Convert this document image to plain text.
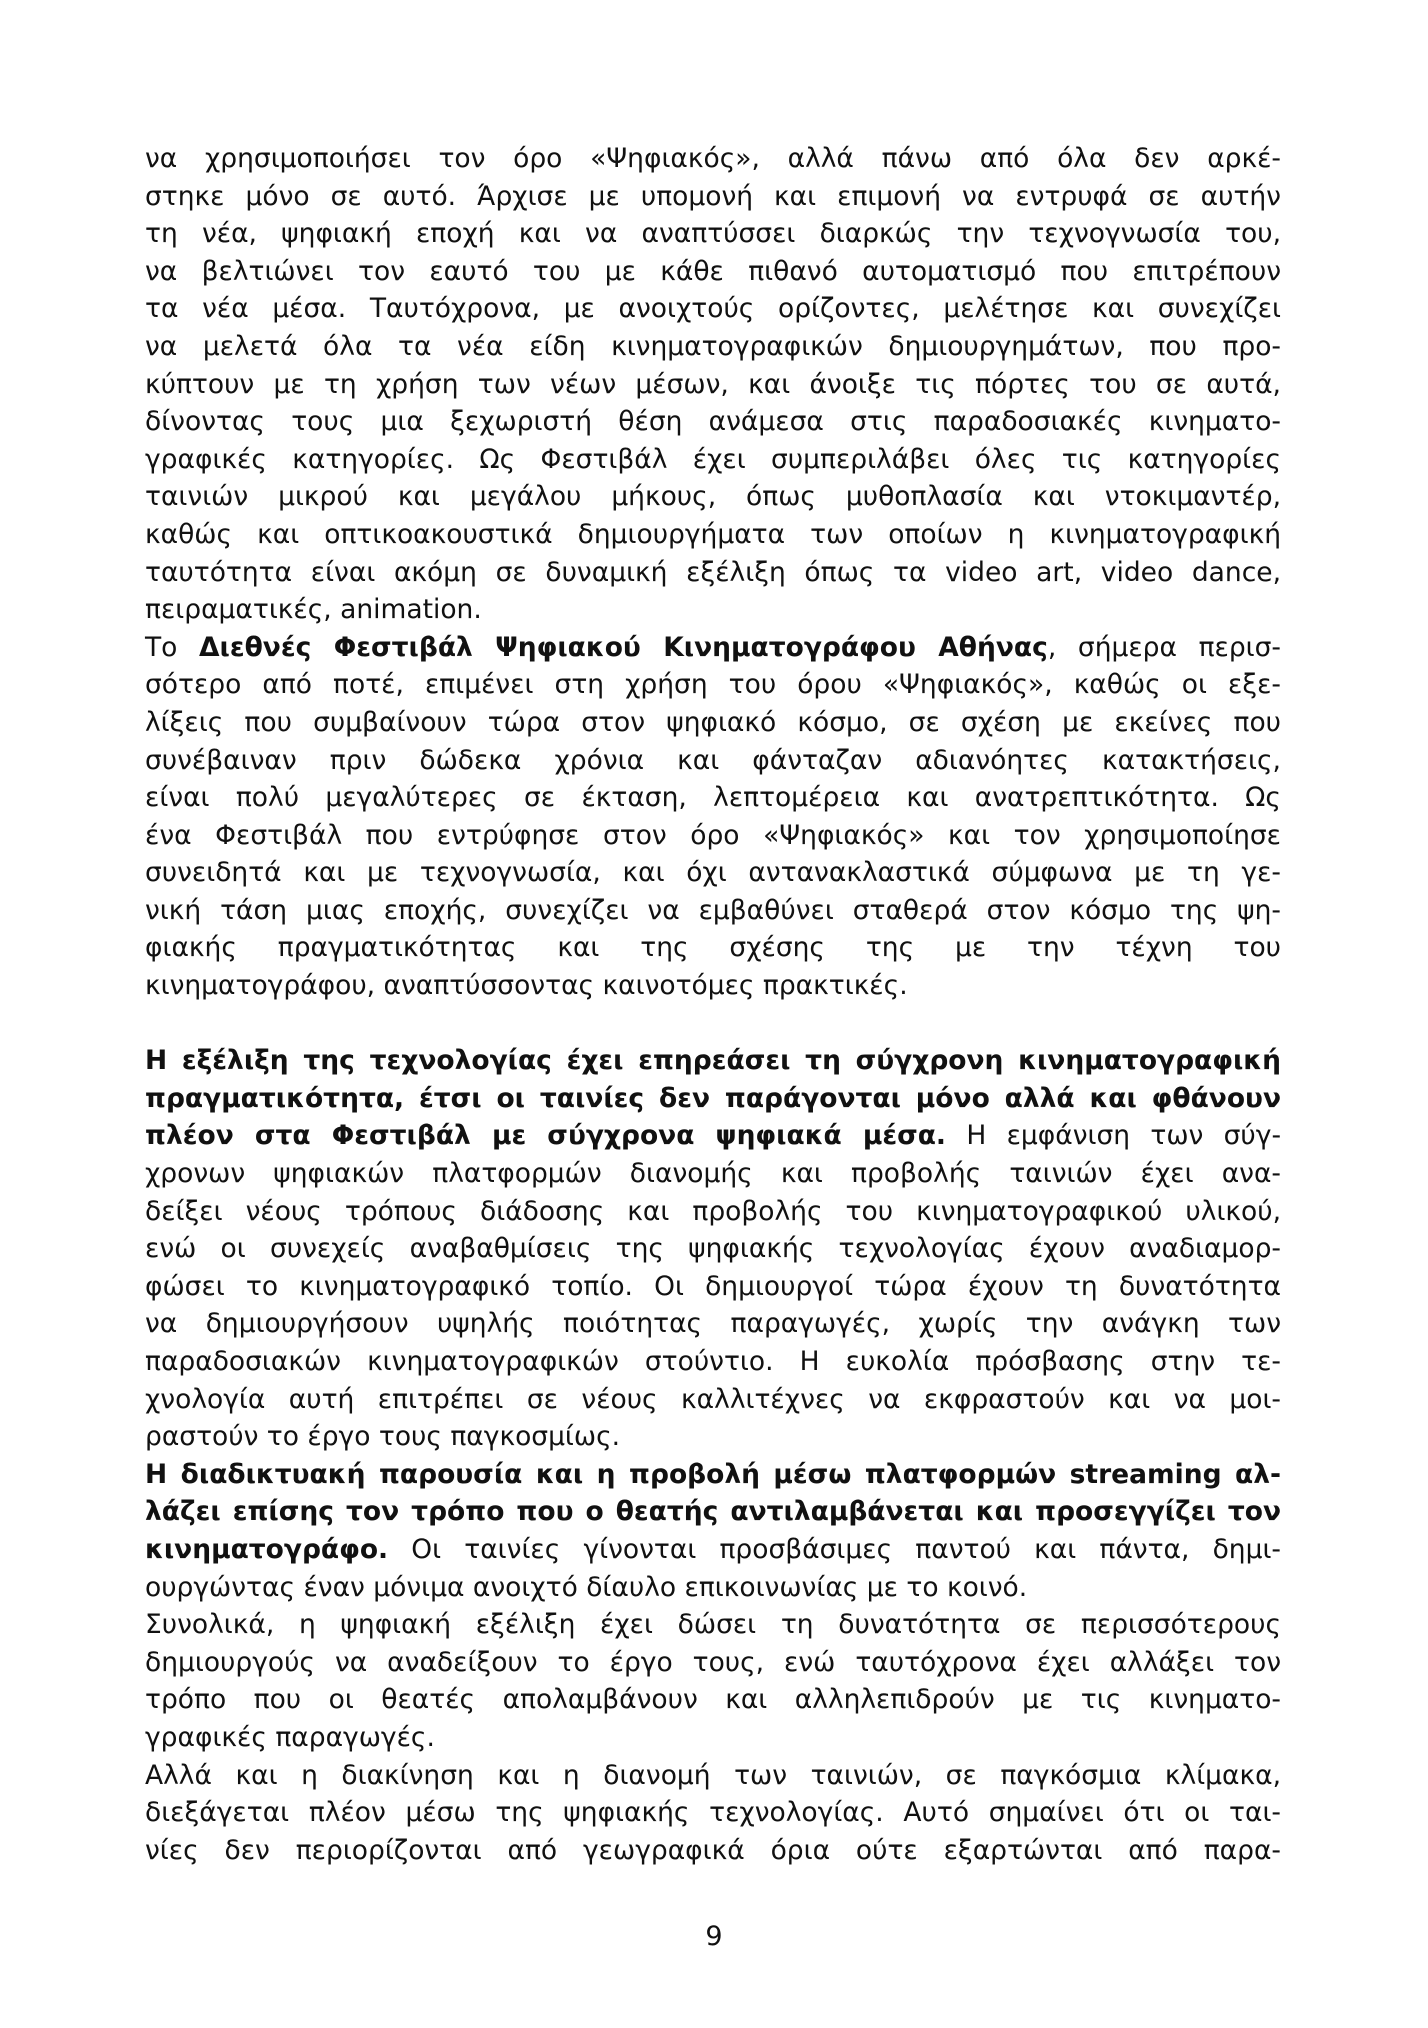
να χρησιμοποιήσει τον όρο «Ψηφιακός», αλλά πάνω από όλα δεν αρκέ-
στηκε μόνο σε αυτό. Άρχισε με υπομονή και επιμονή να εντρυφά σε αυτήν
τη νέα, ψηφιακή εποχή και να αναπτύσσει διαρκώς την τεχνογνωσία του,
να βελτιώνει τον εαυτό του με κάθε πιθανό αυτοματισμό που επιτρέπουν
τα νέα μέσα. Ταυτόχρονα, με ανοιχτούς ορίζοντες, μελέτησε και συνεχίζει
να μελετά όλα τα νέα είδη κινηματογραφικών δημιουργημάτων, που προ-
κύπτουν με τη χρήση των νέων μέσων, και άνοιξε τις πόρτες του σε αυτά,
δίνοντας τους μια ξεχωριστή θέση ανάμεσα στις παραδοσιακές κινηματο-
γραφικές κατηγορίες. Ως Φεστιβάλ έχει συμπεριλάβει όλες τις κατηγορίες
ταινιών μικρού και μεγάλου μήκους, όπως μυθοπλασία και ντοκιμαντέρ,
καθώς και οπτικοακουστικά δημιουργήματα των οποίων η κινηματογραφική
ταυτότητα είναι ακόμη σε δυναμική εξέλιξη όπως τα video art, video dance,
πειραματικές, animation.
Το Διεθνές Φεστιβάλ Ψηφιακού Κινηματογράφου Αθήνας, σήμερα περισ-
σότερο από ποτέ, επιμένει στη χρήση του όρου «Ψηφιακός», καθώς οι εξε-
λίξεις που συμβαίνουν τώρα στον ψηφιακό κόσμο, σε σχέση με εκείνες που
συνέβαιναν πριν δώδεκα χρόνια και φάνταζαν αδιανόητες κατακτήσεις,
είναι πολύ μεγαλύτερες σε έκταση, λεπτομέρεια και ανατρεπτικότητα. Ως
ένα Φεστιβάλ που εντρύφησε στον όρο «Ψηφιακός» και τον χρησιμοποίησε
συνειδητά και με τεχνογνωσία, και όχι αντανακλαστικά σύμφωνα με τη γε-
νική τάση μιας εποχής, συνεχίζει να εμβαθύνει σταθερά στον κόσμο της ψη-
φιακής πραγματικότητας και της σχέσης της με την τέχνη του
κινηματογράφου, αναπτύσσοντας καινοτόμες πρακτικές.
Η εξέλιξη της τεχνολογίας έχει επηρεάσει τη σύγχρονη κινηματογραφική
πραγματικότητα, έτσι οι ταινίες δεν παράγονται μόνο αλλά και φθάνουν
πλέον στα Φεστιβάλ με σύγχρονα ψηφιακά μέσα. Η εμφάνιση των σύγ-
χρονων ψηφιακών πλατφορμών διανομής και προβολής ταινιών έχει ανα-
δείξει νέους τρόπους διάδοσης και προβολής του κινηματογραφικού υλικού,
ενώ οι συνεχείς αναβαθμίσεις της ψηφιακής τεχνολογίας έχουν αναδιαμορ-
φώσει το κινηματογραφικό τοπίο. Οι δημιουργοί τώρα έχουν τη δυνατότητα
να δημιουργήσουν υψηλής ποιότητας παραγωγές, χωρίς την ανάγκη των
παραδοσιακών κινηματογραφικών στούντιο. Η ευκολία πρόσβασης στην τε-
χνολογία αυτή επιτρέπει σε νέους καλλιτέχνες να εκφραστούν και να μοι-
ραστούν το έργο τους παγκοσμίως.
Η διαδικτυακή παρουσία και η προβολή μέσω πλατφορμών streaming αλ-
λάζει επίσης τον τρόπο που ο θεατής αντιλαμβάνεται και προσεγγίζει τον
κινηματογράφο. Οι ταινίες γίνονται προσβάσιμες παντού και πάντα, δημι-
ουργώντας έναν μόνιμα ανοιχτό δίαυλο επικοινωνίας με το κοινό.
Συνολικά, η ψηφιακή εξέλιξη έχει δώσει τη δυνατότητα σε περισσότερους
δημιουργούς να αναδείξουν το έργο τους, ενώ ταυτόχρονα έχει αλλάξει τον
τρόπο που οι θεατές απολαμβάνουν και αλληλεπιδρούν με τις κινηματο-
γραφικές παραγωγές.
Αλλά και η διακίνηση και η διανομή των ταινιών, σε παγκόσμια κλίμακα,
διεξάγεται πλέον μέσω της ψηφιακής τεχνολογίας. Αυτό σημαίνει ότι οι ται-
νίες δεν περιορίζονται από γεωγραφικά όρια ούτε εξαρτώνται από παρα-
9
